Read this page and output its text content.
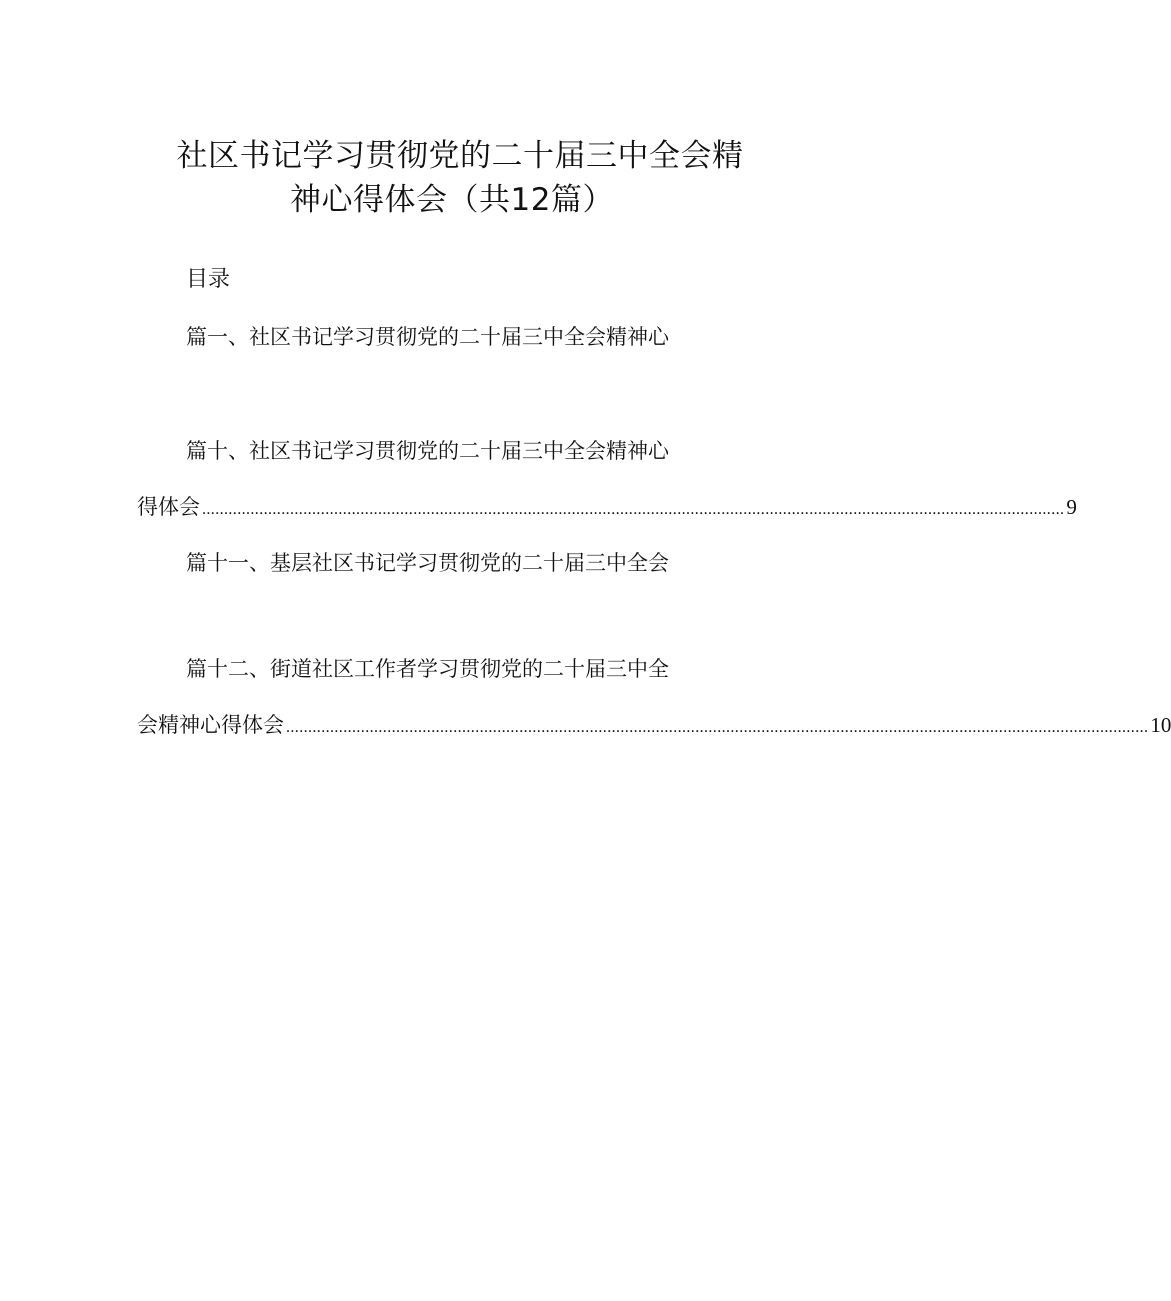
社区书记学习贯彻党的二十届三中全会精
神心得体会（共12篇）
目录
篇一、社区书记学习贯彻党的二十届三中全会精神心
篇十、社区书记学习贯彻党的二十届三中全会精神心
得体会 .................................................................................................................................................................................................... 9
篇十一、基层社区书记学习贯彻党的二十届三中全会
篇十二、街道社区工作者学习贯彻党的二十届三中全
会精神心得体会 .................................................................................................................................................................................................... 10
